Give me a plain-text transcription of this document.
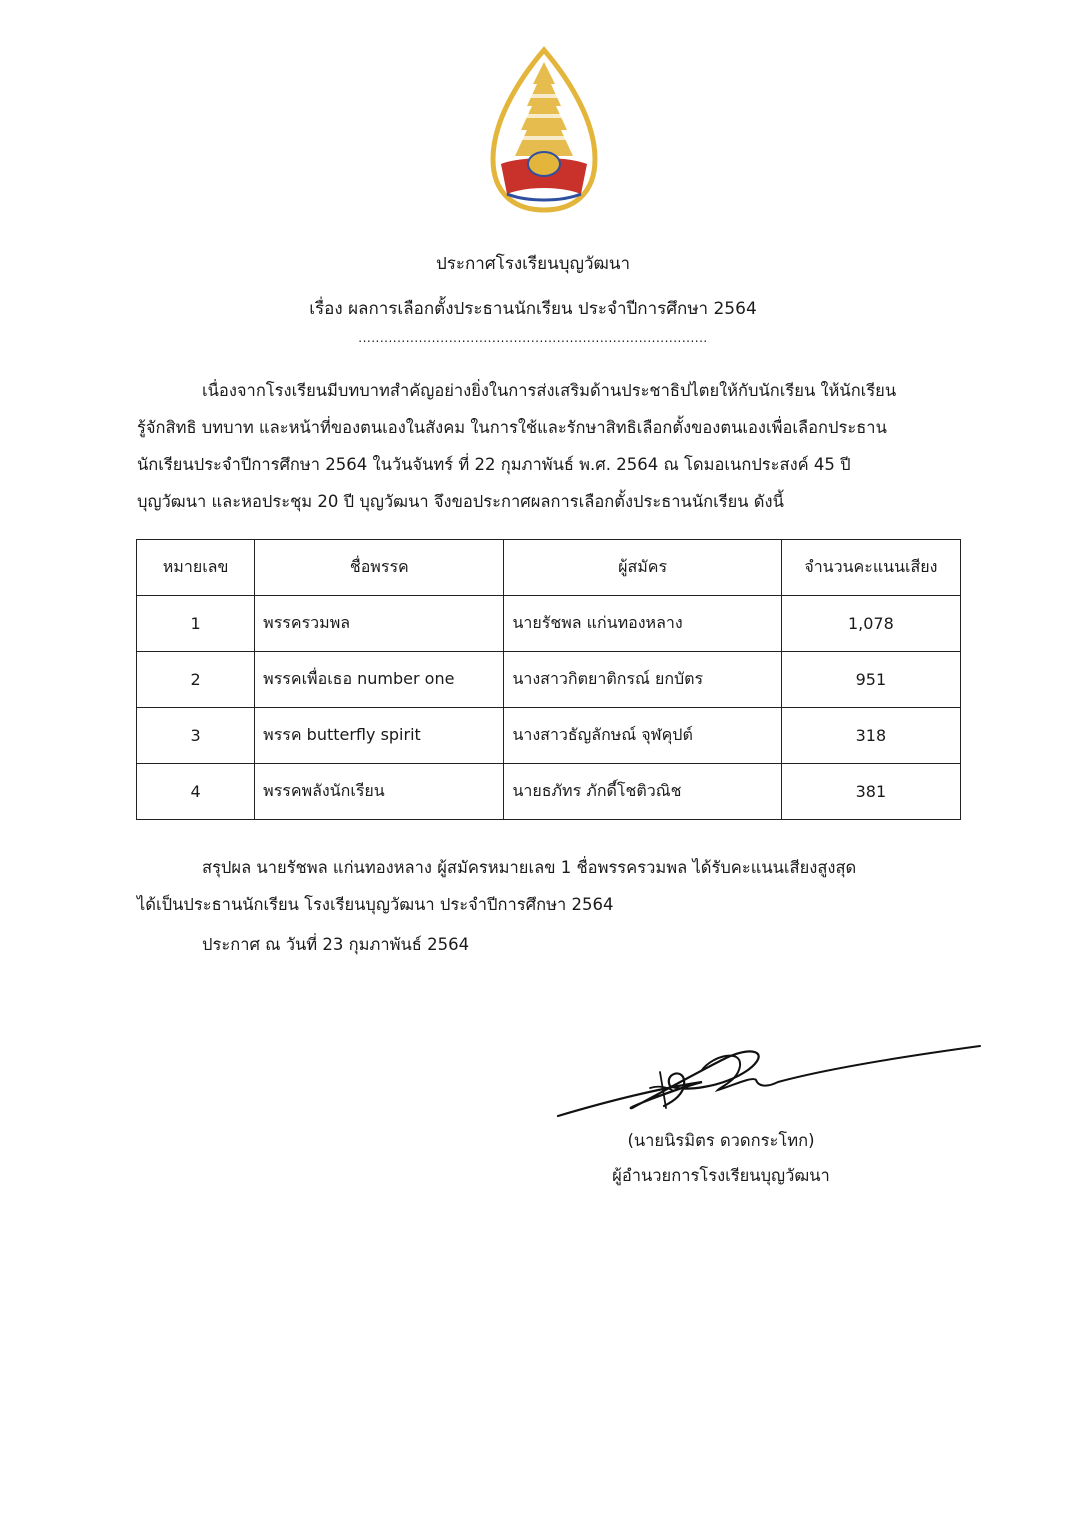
ประกาศโรงเรียนบุญวัฒนา
เรื่อง ผลการเลือกตั้งประธานนักเรียน ประจำปีการศึกษา 2564
.................................................................................
เนื่องจากโรงเรียนมีบทบาทสำคัญอย่างยิ่งในการส่งเสริมด้านประชาธิปไตยให้กับนักเรียน ให้นักเรียน
รู้จักสิทธิ บทบาท และหน้าที่ของตนเองในสังคม ในการใช้และรักษาสิทธิเลือกตั้งของตนเองเพื่อเลือกประธาน
นักเรียนประจำปีการศึกษา 2564 ในวันจันทร์ ที่ 22 กุมภาพันธ์ พ.ศ. 2564 ณ โดมอเนกประสงค์ 45 ปี
บุญวัฒนา และหอประชุม 20 ปี บุญวัฒนา จึงขอประกาศผลการเลือกตั้งประธานนักเรียน ดังนี้
หมายเลข	ชื่อพรรค	ผู้สมัคร	จำนวนคะแนนเสียง
1	พรรครวมพล	นายรัชพล แก่นทองหลาง	1,078
2	พรรคเพื่อเธอ number one	นางสาวกิตยาติกรณ์ ยกบัตร	951
3	พรรค butterfly spirit	นางสาวธัญลักษณ์ จุฬคุปต์	318
4	พรรคพลังนักเรียน	นายธภัทร ภักดี์โชติวณิช	381
สรุปผล นายรัชพล แก่นทองหลาง ผู้สมัครหมายเลข 1 ชื่อพรรครวมพล ได้รับคะแนนเสียงสูงสุด
ได้เป็นประธานนักเรียน โรงเรียนบุญวัฒนา ประจำปีการศึกษา 2564
ประกาศ ณ วันที่ 23 กุมภาพันธ์ 2564
(นายนิรมิตร ดวดกระโทก)
ผู้อำนวยการโรงเรียนบุญวัฒนา
